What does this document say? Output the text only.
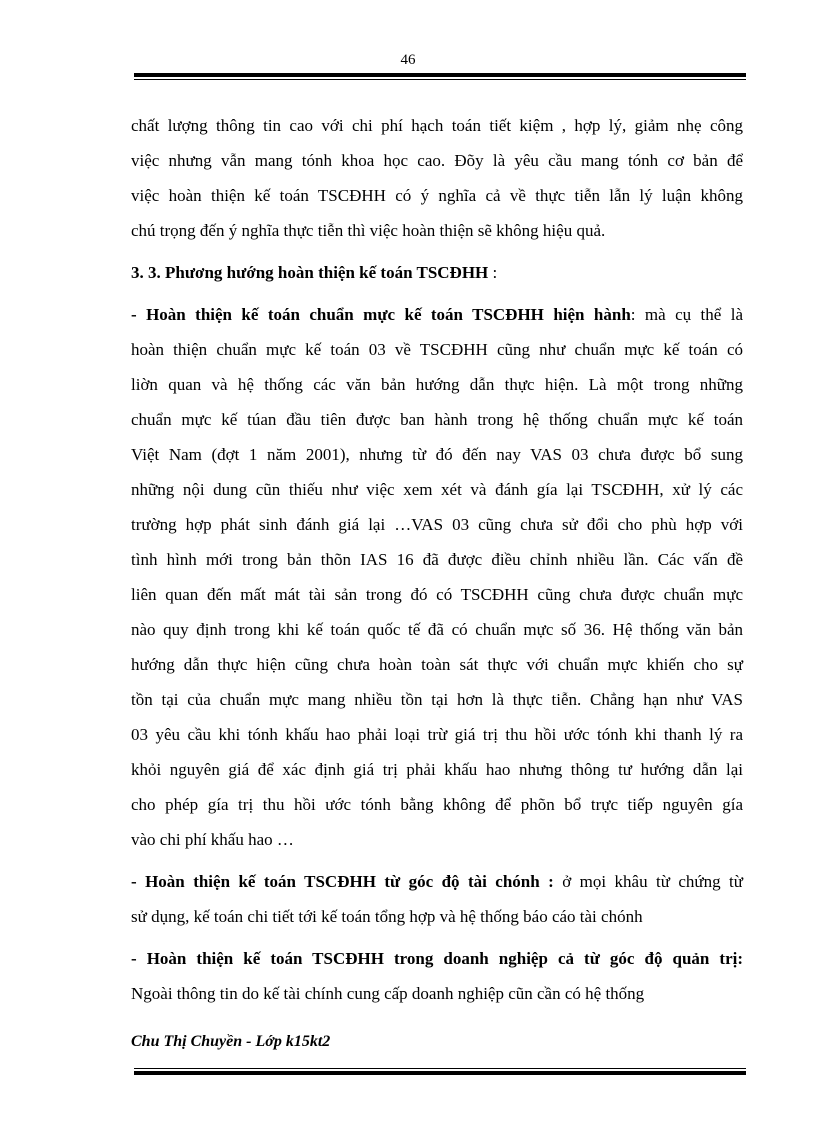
46
chất lượng thông tin cao với chi phí hạch toán tiết kiệm , hợp lý, giảm nhẹ công
việc nhưng vẫn mang tónh khoa học cao. Đõy là yêu cầu mang tónh cơ bản để
việc hoàn thiện kế toán TSCĐHH có ý nghĩa cả về thực tiễn lẫn lý luận không
chú trọng đến ý nghĩa thực tiễn thì việc hoàn thiện sẽ không hiệu quả.
3. 3. Phương hướng hoàn thiện kế toán TSCĐHH :
- Hoàn thiện kế toán chuẩn mực kế toán TSCĐHH hiện hành: mà cụ thể là
hoàn thiện chuẩn mực kế toán 03 về TSCĐHH cũng như chuẩn mực kế toán có
liờn quan và hệ thống các văn bản hướng dẫn thực hiện. Là một trong những
chuẩn mực kế túan đầu tiên được ban hành trong hệ thống chuẩn mực kế toán
Việt Nam (đợt 1 năm 2001), nhưng từ đó đến nay VAS 03 chưa được bổ sung
những nội dung cũn thiếu như việc xem xét và đánh gía lại TSCĐHH, xử lý các
trường hợp phát sinh đánh giá lại …VAS 03 cũng chưa sử đổi cho phù hợp với
tình hình mới trong bản thõn IAS 16 đã được điều chỉnh nhiều lần. Các vấn đề
liên quan đến mất mát tài sản trong đó có TSCĐHH cũng chưa được chuẩn mực
nào quy định trong khi kế toán quốc tế đã có chuẩn mực số 36. Hệ thống văn bản
hướng dẫn thực hiện cũng chưa hoàn toàn sát thực với chuẩn mực khiến cho sự
tồn tại của chuẩn mực mang nhiều tồn tại hơn là thực tiễn. Chẳng hạn như VAS
03 yêu cầu khi tónh khấu hao phải loại trừ giá trị thu hồi ước tónh khi thanh lý ra
khỏi nguyên giá để xác định giá trị phải khấu hao nhưng thông tư hướng dẫn lại
cho phép gía trị thu hồi ước tónh bằng không để phõn bổ trực tiếp nguyên gía
vào chi phí khấu hao …
- Hoàn thiện kế toán TSCĐHH từ góc độ tài chónh : ở mọi khâu từ chứng từ
sử dụng, kế toán chi tiết tới kế toán tổng hợp và hệ thống báo cáo tài chónh
- Hoàn thiện kế toán TSCĐHH trong doanh nghiệp cả từ góc độ quản trị:
Ngoài thông tin do kế tài chính cung cấp doanh nghiệp cũn cần có hệ thống
Chu Thị Chuyền - Lớp k15kt2
